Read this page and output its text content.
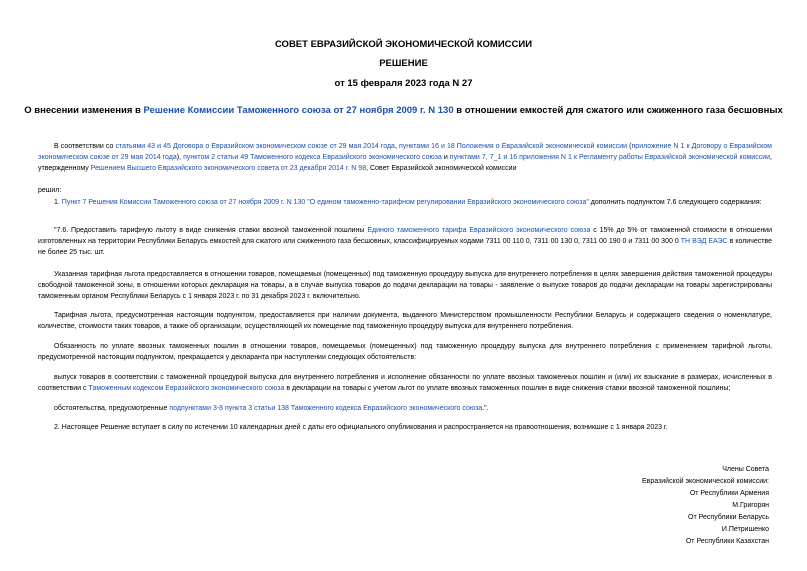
СОВЕТ ЕВРАЗИЙСКОЙ ЭКОНОМИЧЕСКОЙ КОМИССИИ
РЕШЕНИЕ
от 15 февраля 2023 года N 27
О внесении изменения в Решение Комиссии Таможенного союза от 27 ноября 2009 г. N 130 в отношении емкостей для сжатого или сжиженного газа бесшовных
В соответствии со статьями 43 и 45 Договора о Евразийском экономическом союзе от 29 мая 2014 года, пунктами 16 и 18 Положения о Евразийской экономической комиссии (приложение N 1 к Договору о Евразийском экономическом союзе от 29 мая 2014 года), пунктом 2 статьи 49 Таможенного кодекса Евразийского экономического союза и пунктами 7, 7_1 и 16 приложения N 1 к Регламенту работы Евразийской экономической комиссии, утвержденному Решением Высшего Евразийского экономического совета от 23 декабря 2014 г. N 98, Совет Евразийской экономической комиссии
решил:
1. Пункт 7 Решения Комиссии Таможенного союза от 27 ноября 2009 г. N 130 "О едином таможенно-тарифном регулировании Евразийского экономического союза" дополнить подпунктом 7.6 следующего содержания:
"7.6. Предоставить тарифную льготу в виде снижения ставки ввозной таможенной пошлины Единого таможенного тарифа Евразийского экономического союза с 15% до 5% от таможенной стоимости в отношении изготовленных на территории Республики Беларусь емкостей для сжатого или сжиженного газа бесшовных, классифицируемых кодами 7311 00 110 0, 7311 00 130 0, 7311 00 190 0 и 7311 00 300 0 ТН ВЭД ЕАЭС в количестве не более 25 тыс. шт.
Указанная тарифная льгота предоставляется в отношении товаров, помещаемых (помещенных) под таможенную процедуру выпуска для внутреннего потребления в целях завершения действия таможенной процедуры свободной таможенной зоны, в отношении которых декларация на товары, а в случае выпуска товаров до подачи декларации на товары - заявление о выпуске товаров до подачи декларации на товары зарегистрированы таможенным органом Республики Беларусь с 1 января 2023 г. по 31 декабря 2023 г. включительно.
Тарифная льгота, предусмотренная настоящим подпунктом, предоставляется при наличии документа, выданного Министерством промышленности Республики Беларусь и содержащего сведения о номенклатуре, количестве, стоимости таких товаров, а также об организации, осуществляющей их помещение под таможенную процедуру выпуска для внутреннего потребления.
Обязанность по уплате ввозных таможенных пошлин в отношении товаров, помещаемых (помещенных) под таможенную процедуру выпуска для внутреннего потребления с применением тарифной льготы, предусмотренной настоящим подпунктом, прекращается у декларанта при наступлении следующих обстоятельств:
выпуск товаров в соответствии с таможенной процедурой выпуска для внутреннего потребления и исполнение обязанности по уплате ввозных таможенных пошлин и (или) их взыскание в размерах, исчисленных в соответствии с Таможенным кодексом Евразийского экономического союза в декларации на товары с учетом льгот по уплате ввозных таможенных пошлин в виде снижения ставки ввозной таможенной пошлины;
обстоятельства, предусмотренные подпунктами 3-8 пункта 3 статьи 138 Таможенного кодекса Евразийского экономического союза.".
2. Настоящее Решение вступает в силу по истечении 10 календарных дней с даты его официального опубликования и распространяется на правоотношения, возникшие с 1 января 2023 г.
Члены Совета
Евразийской экономической комиссии:
От Республики Армения
М.Григорян
От Республики Беларусь
И.Петришенко
От Республики Казахстан
